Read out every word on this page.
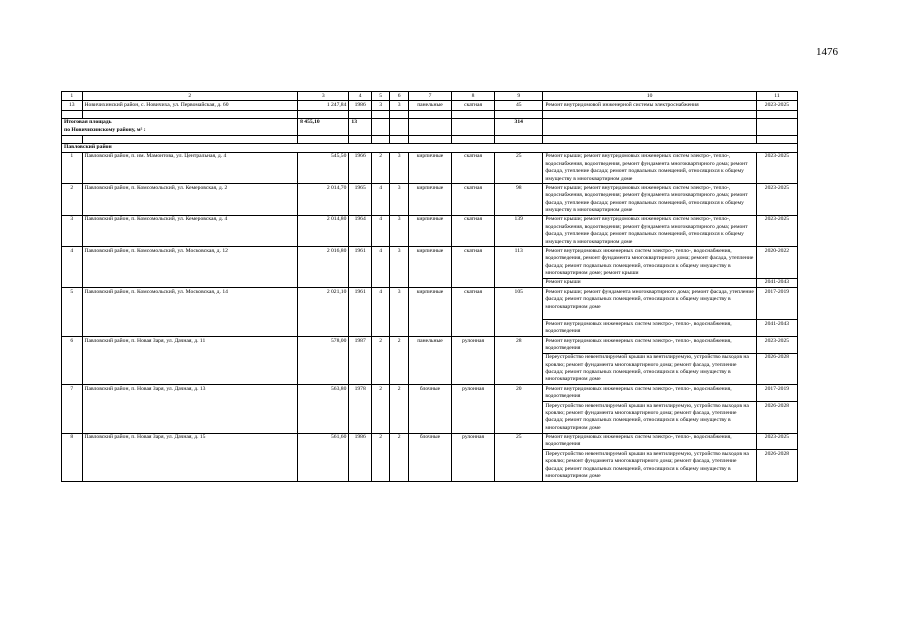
1476
1	2	3	4	5	6	7	8	9	10	11
13	Новичихинский район, с. Новичиха, ул. Первомайская, д. 60	1 247,84	1986	3	3	панельные	скатная	45	Ремонт внутридомовой инженерной системы электроснабжения	2023-2025

Итоговая площадь
по Новичихинскому району, м² :		8 455,10	13					314		

Павловский район										
1	Павловский район, п. им. Мамонтова, ул. Центральная, д. 4	545,50	1966	2	3	кирпичные	скатная	25	Ремонт крыши; ремонт внутридомовых инженерных систем электро-, тепло-, водоснабжения, водоотведения, ремонт фундамента многоквартирного дома; ремонт фасада, утепление фасада; ремонт подвальных помещений, относящихся к общему имуществу в многоквартирном доме	2023-2025
2	Павловский район, п. Комсомольский, ул. Кемеровская, д. 2	2 014,70	1965	4	3	кирпичные	скатная	98	Ремонт крыши; ремонт внутридомовых инженерных систем электро-, тепло-, водоснабжения, водоотведения; ремонт фундамента многоквартирного дома; ремонт фасада, утепление фасада; ремонт подвальных помещений, относящихся к общему имуществу в многоквартирном доме	2023-2025
3	Павловский район, п. Комсомольский, ул. Кемеровская, д. 4	2 014,80	1964	4	3	кирпичные	скатная	139	Ремонт крыши; ремонт внутридомовых инженерных систем электро-, тепло-, водоснабжения, водоотведения; ремонт фундамента многоквартирного дома; ремонт фасада, утепление фасада; ремонт подвальных помещений, относящихся к общему имуществу в многоквартирном доме	2023-2025
4	Павловский район, п. Комсомольский, ул. Московская, д. 12	2 016,80	1961	4	3	кирпичные	скатная	113	Ремонт внутридомовых инженерных систем электро-, тепло-, водоснабжения, водоотведения, ремонт фундамента многоквартирного дома; ремонт фасада, утепление фасада; ремонт подвальных помещений, относящихся к общему имуществу в многоквартирном доме; ремонт крыши	2020-2022
									Ремонт крыши	2041-2043
5	Павловский район, п. Комсомольский, ул. Московская, д. 14	2 021,10	1961	4	3	кирпичные	скатная	105	Ремонт крыши; ремонт фундамента многоквартирного дома; ремонт фасада, утепление фасада; ремонт подвальных помещений, относящихся к общему имуществу в многоквартирном доме	2017-2019
									Ремонт внутридомовых инженерных систем электро-, тепло-, водоснабжения, водоотведения	2041-2043
6	Павловский район, п. Новая Заря, ул. Дачная, д. 11	578,00	1987	2	2	панельные	рулонная	28	Ремонт внутридомовых инженерных систем электро-, тепло-, водоснабжения, водоотведения	2023-2025
									Переустройство невентилируемой крыши на вентилируемую, устройство выходов на кровлю; ремонт фундамента многоквартирного дома; ремонт фасада, утепление фасада; ремонт подвальных помещений, относящихся к общему имуществу в многоквартирном доме	2026-2028
7	Павловский район, п. Новая Заря, ул. Дачная, д. 13	563,80	1978	2	2	блочные	рулонная	20	Ремонт внутридомовых инженерных систем электро-, тепло-, водоснабжения, водоотведения	2017-2019
									Переустройство невентилируемой крыши на вентилируемую, устройство выходов на кровлю; ремонт фундамента многоквартирного дома; ремонт фасада, утепление фасада; ремонт подвальных помещений, относящихся к общему имуществу в многоквартирном доме	2026-2028
8	Павловский район, п. Новая Заря, ул. Дачная, д. 15	561,60	1986	2	2	блочные	рулонная	25	Ремонт внутридомовых инженерных систем электро-, тепло-, водоснабжения, водоотведения	2023-2025
									Переустройство невентилируемой крыши на вентилируемую, устройство выходов на кровлю; ремонт фундамента многоквартирного дома; ремонт фасада, утепление фасада; ремонт подвальных помещений, относящихся к общему имуществу в многоквартирном доме	2026-2028
